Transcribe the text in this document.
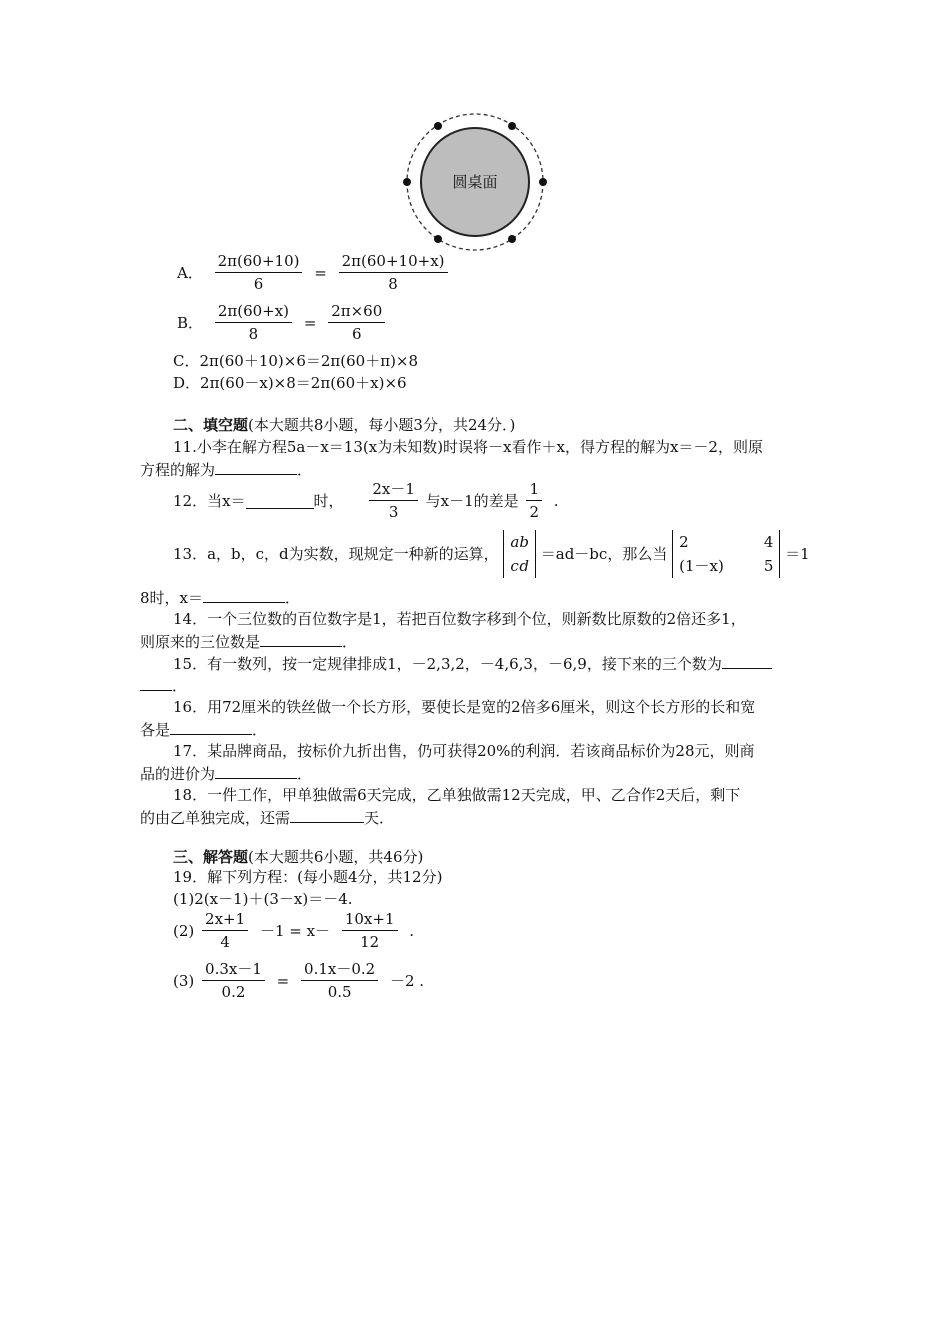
圆桌面
A． $\frac{2\pi(60+10)}{6} = \frac{2\pi(60+10+x)}{8}$
B． $\frac{2\pi(60+x)}{8} = \frac{2\pi\times 60}{6}$
C．2π(60＋10)×6＝2π(60＋π)×8
D．2π(60－x)×8＝2π(60＋x)×6
二、填空题(本大题共8小题，每小题3分，共24分．)
11.小李在解方程5a－x＝13(x为未知数)时误将－x看作＋x，得方程的解为x＝－2，则原
方程的解为	．
12．当x＝	时， $\frac{2x-1}{3}$ 与x－1的差是 $\frac{1}{2}$ .
13．a，b，c，d为实数，现规定一种新的运算，
a b
c d
＝ad－bc，那么当
2	4
(1－x)	5
＝1
8时，x＝	．
14．一个三位数的百位数字是1，若把百位数字移到个位，则新数比原数的2倍还多1，
则原来的三位数是	．
15．有一数列，按一定规律排成1，－2,3,2，－4,6,3，－6,9，接下来的三个数为
．
16．用72厘米的铁丝做一个长方形，要使长是宽的2倍多6厘米，则这个长方形的长和宽
各是	．
17．某品牌商品，按标价九折出售，仍可获得20%的利润．若该商品标价为28元，则商
品的进价为	．
18．一件工作，甲单独做需6天完成，乙单独做需12天完成，甲、乙合作2天后，剩下
的由乙单独完成，还需	天．
三、解答题(本大题共6小题，共46分)
19．解下列方程：(每小题4分，共12分)
(1)2(x－1)＋(3－x)＝－4.
$(2) \frac{2x+1}{4} -1 = x- \frac{10x+1}{12}$ .
$(3) \frac{0.3x-1}{0.2} = \frac{0.1x-0.2}{0.5} -2$ .
